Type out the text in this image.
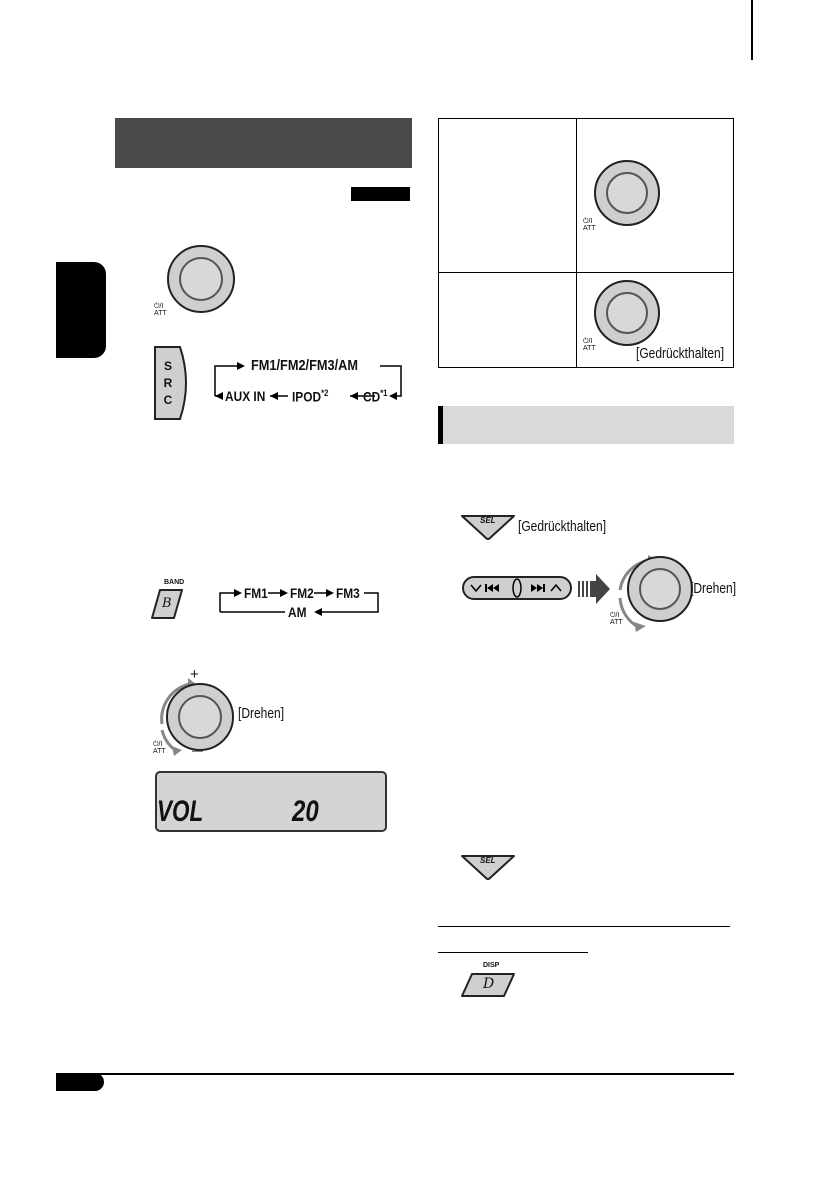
⏻/I
ATT
S
R
C
FM1/FM2/FM3/AM
AUX IN IPOD$^{*2}$ CD$^{*1}$
BAND
B
FM1 FM2 FM3
AM
+
—
⏻/I
ATT
[Drehen]
VOL	20
⏻/I
ATT
⏻/I
ATT	[Gedrückthalten]
SEL [Gedrückthalten]
⏻/I
ATT
[Drehen]
SEL
DISP
D
